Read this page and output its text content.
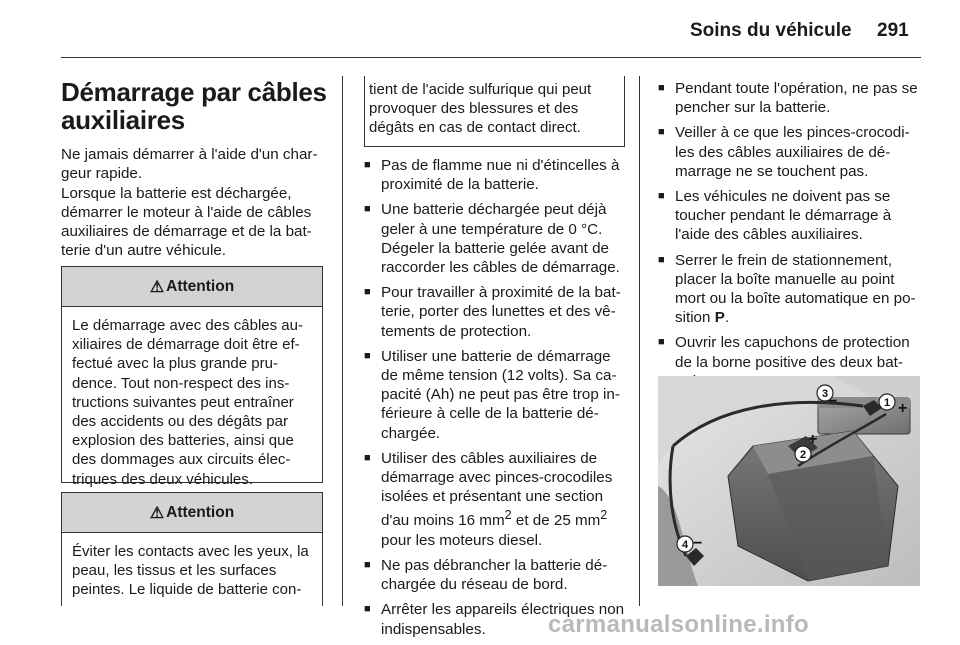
Soins du véhicule 291
Démarrage par câbles
auxiliaires

Ne jamais démarrer à l'aide d'un char-geur rapide.

Lorsque la batterie est déchargée, démarrer le moteur à l'aide de câbles auxiliaires de démarrage et de la bat-terie d'un autre véhicule.

⚠ Attention
Le démarrage avec des câbles au-xiliaires de démarrage doit être ef-fectué avec la plus grande pru-dence. Tout non-respect des ins-tructions suivantes peut entraîner des accidents ou des dégâts par explosion des batteries, ainsi que des dommages aux circuits élec-triques des deux véhicules.
⚠ Attention
Éviter les contacts avec les yeux, la peau, les tissus et les surfaces peintes. Le liquide de batterie con-
tient de l'acide sulfurique qui peut provoquer des blessures et des dégâts en cas de contact direct.
■ Pas de flamme nue ni d'étincelles à proximité de la batterie.
■ Une batterie déchargée peut déjà geler à une température de 0 °C. Dégeler la batterie gelée avant de raccorder les câbles de démarrage.
■ Pour travailler à proximité de la bat-terie, porter des lunettes et des vê-tements de protection.
■ Utiliser une batterie de démarrage de même tension (12 volts). Sa ca-pacité (Ah) ne peut pas être trop in-férieure à celle de la batterie dé-chargée.
■ Utiliser des câbles auxiliaires de démarrage avec pinces-crocodiles isolées et présentant une section d'au moins 16 $mm^2$ et de 25 $mm^2$ pour les moteurs diesel.
■ Ne pas débrancher la batterie dé-chargée du réseau de bord.
■ Arrêter les appareils électriques non indispensables.
■ Pendant toute l'opération, ne pas se pencher sur la batterie.
■ Veiller à ce que les pinces-crocodi-les des câbles auxiliaires de dé-marrage ne se touchent pas.
■ Les véhicules ne doivent pas se toucher pendant le démarrage à l'aide des câbles auxiliaires.
■ Serrer le frein de stationnement, placer la boîte manuelle au point mort ou la boîte automatique en po-sition P.
■ Ouvrir les capuchons de protection de la borne positive des deux bat-
3
1
2
4
+
+
−
−
carmanualsonline.info
